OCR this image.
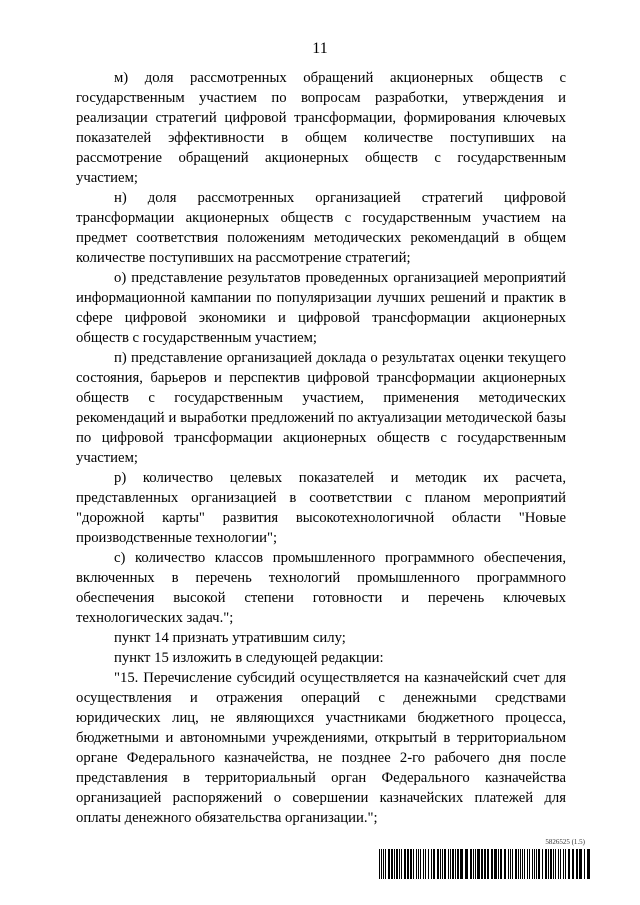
11

м) доля рассмотренных обращений акционерных обществ с государственным участием по вопросам разработки, утверждения и реализации стратегий цифровой трансформации, формирования ключевых показателей эффективности в общем количестве поступивших на рассмотрение обращений акционерных обществ с государственным участием;

н) доля рассмотренных организацией стратегий цифровой трансформации акционерных обществ с государственным участием на предмет соответствия положениям методических рекомендаций в общем количестве поступивших на рассмотрение стратегий;

о) представление результатов проведенных организацией мероприятий информационной кампании по популяризации лучших решений и практик в сфере цифровой экономики и цифровой трансформации акционерных обществ с государственным участием;

п) представление организацией доклада о результатах оценки текущего состояния, барьеров и перспектив цифровой трансформации акционерных обществ с государственным участием, применения методических рекомендаций и выработки предложений по актуализации методической базы по цифровой трансформации акционерных обществ с государственным участием;

р) количество целевых показателей и методик их расчета, представленных организацией в соответствии с планом мероприятий "дорожной карты" развития высокотехнологичной области "Новые производственные технологии";

с) количество классов промышленного программного обеспечения, включенных в перечень технологий промышленного программного обеспечения высокой степени готовности и перечень ключевых технологических задач.";

пункт 14 признать утратившим силу;

пункт 15 изложить в следующей редакции:

"15. Перечисление субсидий осуществляется на казначейский счет для осуществления и отражения операций с денежными средствами юридических лиц, не являющихся участниками бюджетного процесса, бюджетными и автономными учреждениями, открытый в территориальном органе Федерального казначейства, не позднее 2-го рабочего дня после представления в территориальный орган Федерального казначейства организацией распоряжений о совершении казначейских платежей для оплаты денежного обязательства организации.";

5826525 (1.5)
